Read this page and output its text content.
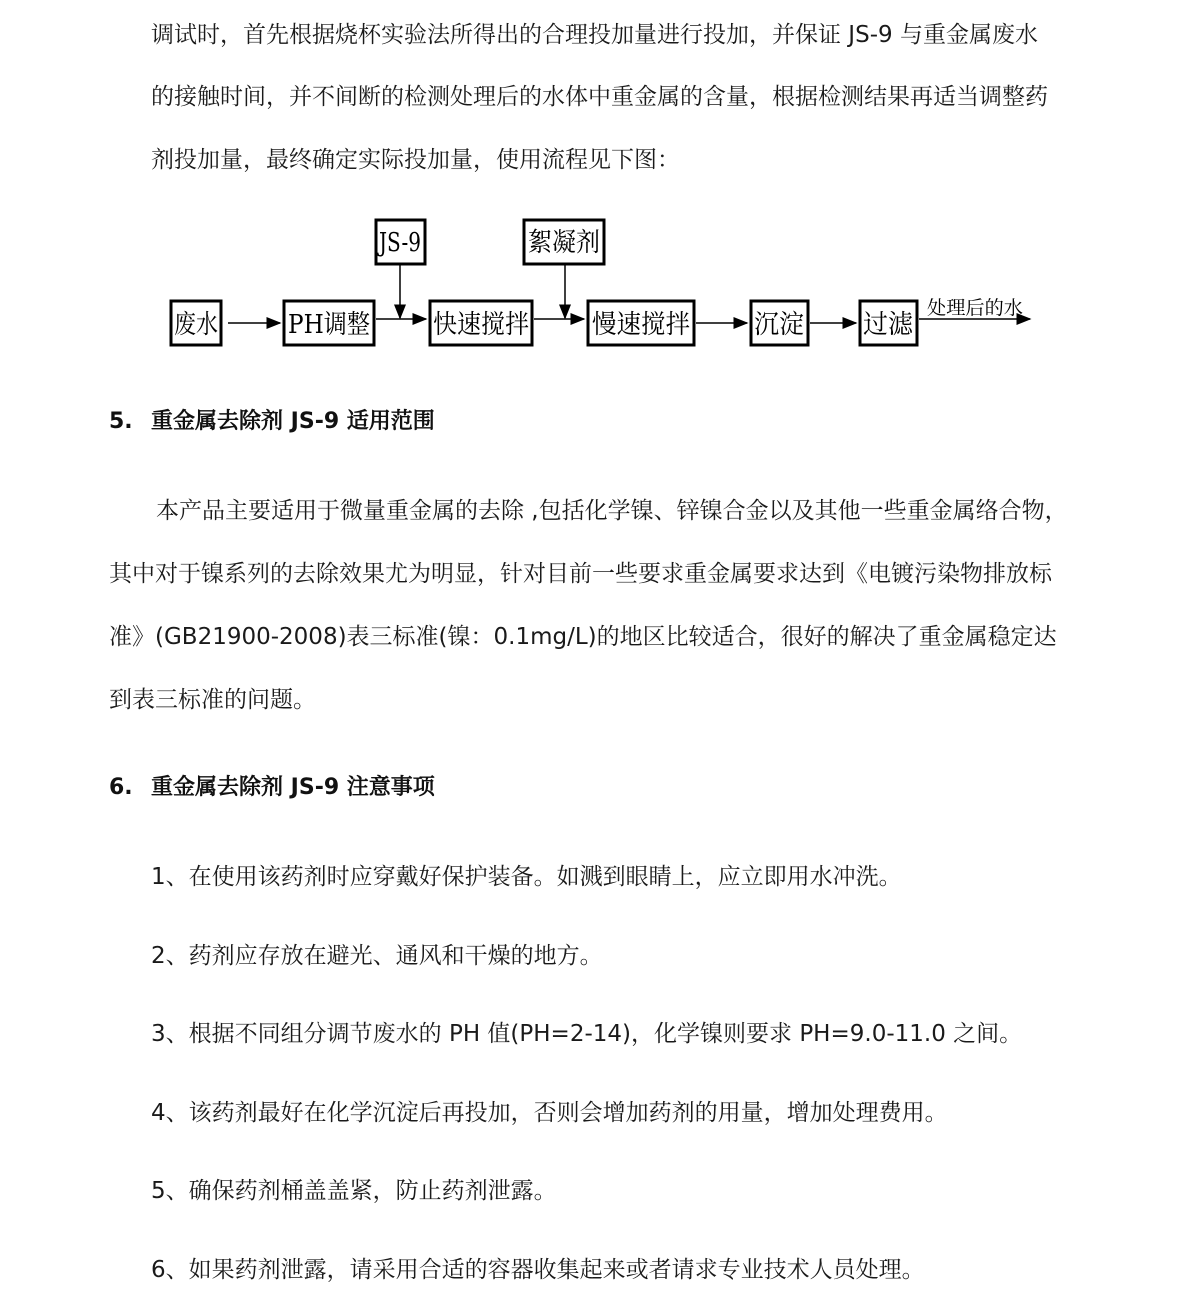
调试时，首先根据烧杯实验法所得出的合理投加量进行投加，并保证 JS-9 与重金属废水
的接触时间，并不间断的检测处理后的水体中重金属的含量，根据检测结果再适当调整药
剂投加量，最终确定实际投加量，使用流程见下图：
JS-9	絮凝剂
废水	PH调整 快速搅拌 慢速搅拌 沉淀 过滤
处理后的水
5. 重金属去除剂 JS-9 适用范围
本产品主要适用于微量重金属的去除 ,包括化学镍、锌镍合金以及其他一些重金属络合物，
其中对于镍系列的去除效果尤为明显，针对目前一些要求重金属要求达到《电镀污染物排放标
准》(GB21900-2008)表三标准(镍：0.1mg/L)的地区比较适合，很好的解决了重金属稳定达
到表三标准的问题。
6. 重金属去除剂 JS-9 注意事项
1、在使用该药剂时应穿戴好保护装备。如溅到眼睛上，应立即用水冲洗。
2、药剂应存放在避光、通风和干燥的地方。
3、根据不同组分调节废水的 PH 值(PH=2-14)，化学镍则要求 PH=9.0-11.0 之间。
4、该药剂最好在化学沉淀后再投加，否则会增加药剂的用量，增加处理费用。
5、确保药剂桶盖盖紧，防止药剂泄露。
6、如果药剂泄露，请采用合适的容器收集起来或者请求专业技术人员处理。
